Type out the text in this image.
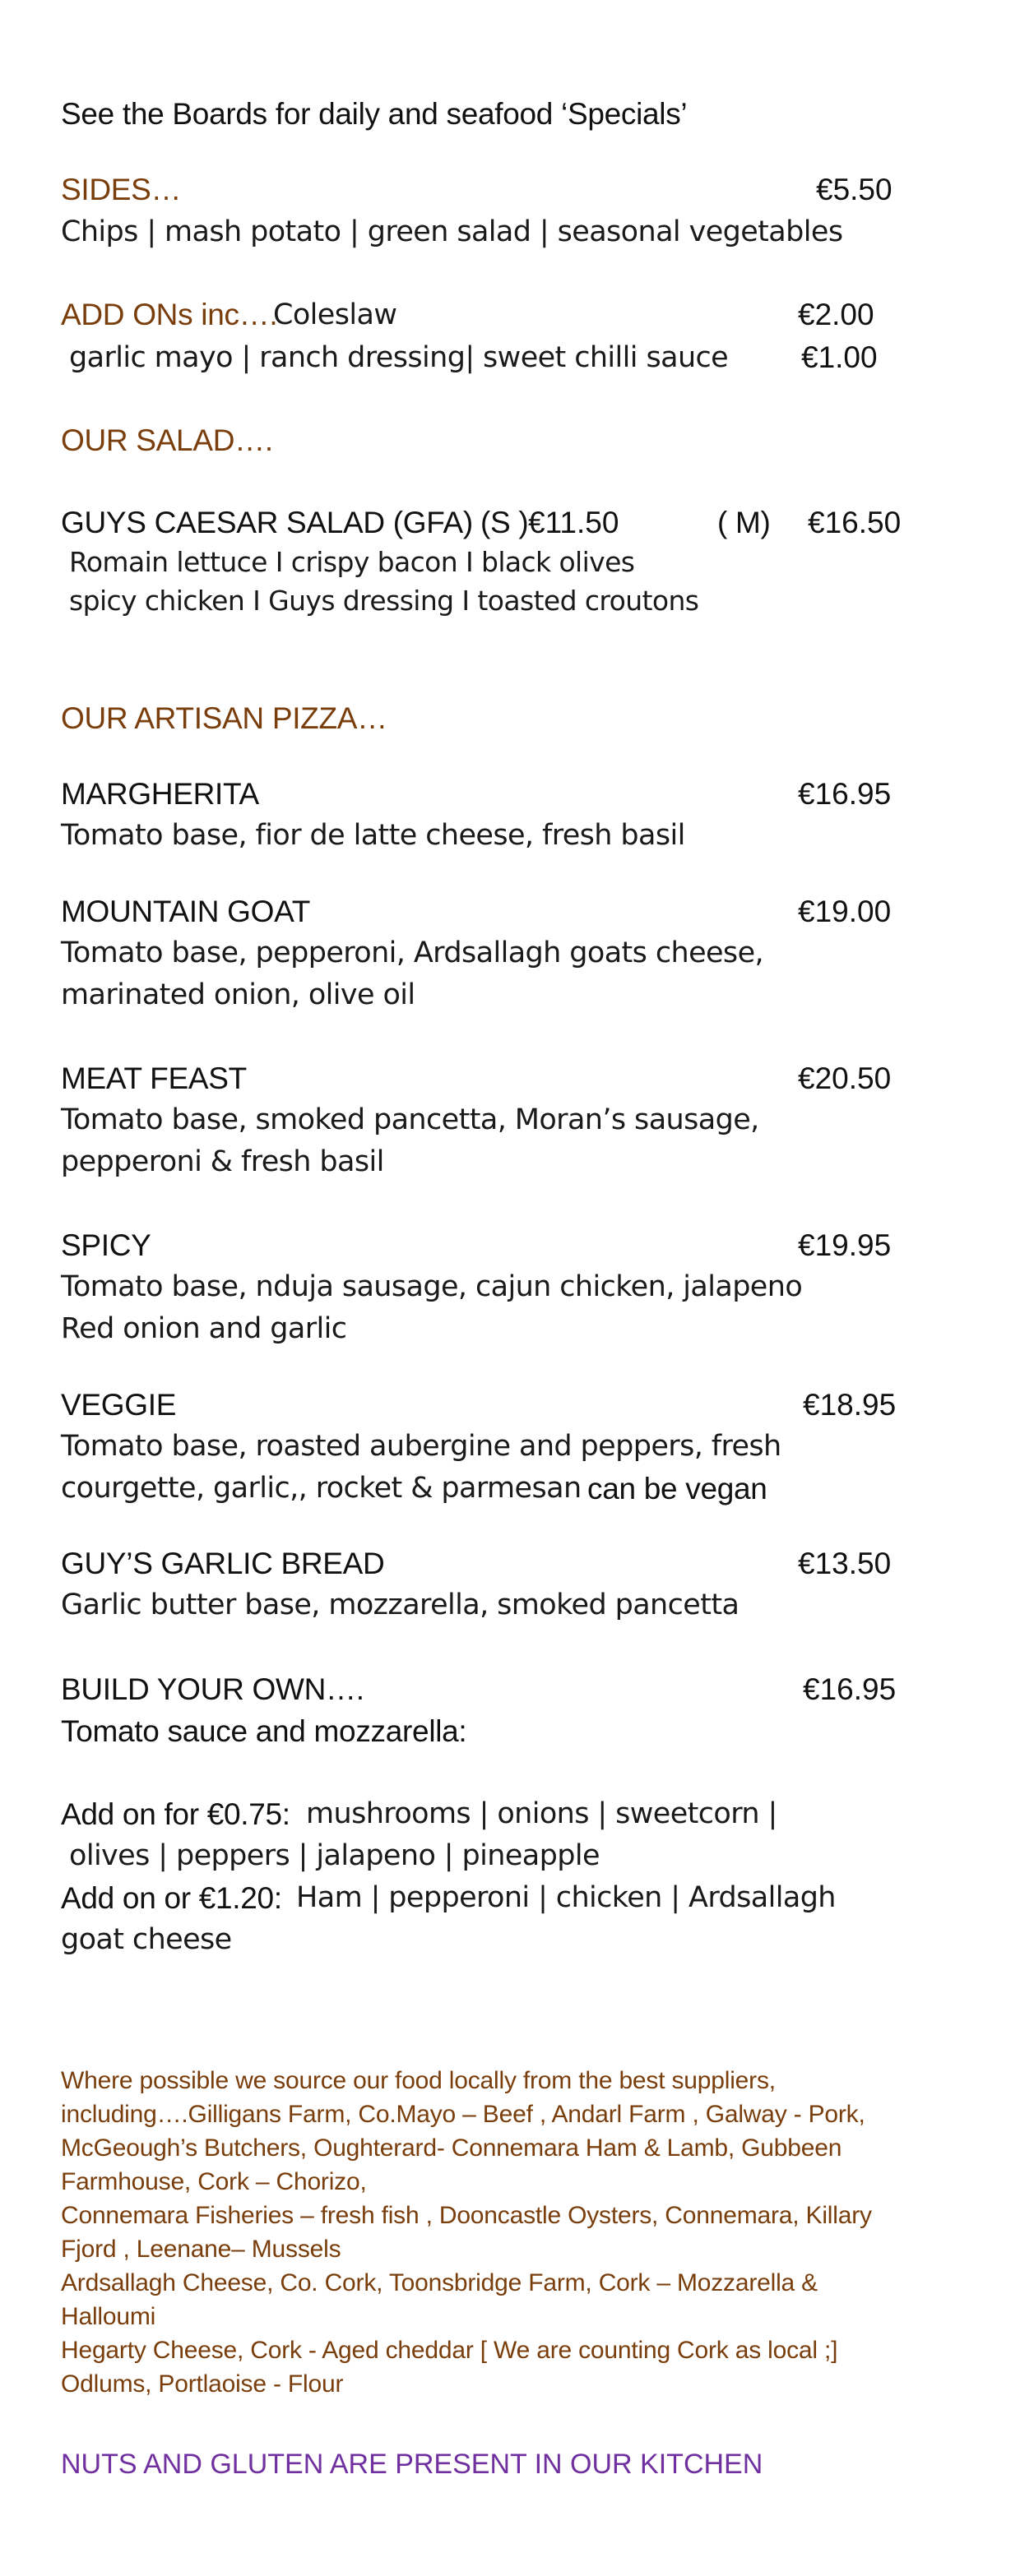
See the Boards for daily and seafood ‘Specials’
SIDES…	€5.50
Chips | mash potato | green salad | seasonal vegetables
ADD ONs inc….
Coleslaw	€2.00
garlic mayo | ranch dressing| sweet chilli sauce €1.00
OUR SALAD….
GUYS CAESAR SALAD (GFA) (S ) €11.50	( M) €16.50
Romain lettuce I crispy bacon I black olives
spicy chicken I Guys dressing I toasted croutons
OUR ARTISAN PIZZA…
MARGHERITA	€16.95
Tomato base, fior de latte cheese, fresh basil
MOUNTAIN GOAT	€19.00
Tomato base, pepperoni, Ardsallagh goats cheese,
marinated onion, olive oil
MEAT FEAST	€20.50
Tomato base, smoked pancetta, Moran’s sausage,
pepperoni & fresh basil
SPICY	€19.95
Tomato base, nduja sausage, cajun chicken, jalapeno
Red onion and garlic
VEGGIE	€18.95
Tomato base, roasted aubergine and peppers, fresh
courgette, garlic,, rocket & parmesan can be vegan
GUY’S GARLIC BREAD	€13.50
Garlic butter base, mozzarella, smoked pancetta
BUILD YOUR OWN….	€16.95
Tomato sauce and mozzarella:
Add on for €0.75: mushrooms | onions | sweetcorn |
olives | peppers | jalapeno | pineapple
Add on or €1.20: Ham | pepperoni | chicken | Ardsallagh
goat cheese
Where possible we source our food locally from the best suppliers,
including….Gilligans Farm, Co.Mayo – Beef , Andarl Farm , Galway - Pork,
McGeough’s Butchers, Oughterard- Connemara Ham & Lamb, Gubbeen
Farmhouse, Cork – Chorizo,
Connemara Fisheries – fresh fish , Dooncastle Oysters, Connemara, Killary
Fjord , Leenane– Mussels
Ardsallagh Cheese, Co. Cork, Toonsbridge Farm, Cork – Mozzarella &
Halloumi
Hegarty Cheese, Cork - Aged cheddar [ We are counting Cork as local ;]
Odlums, Portlaoise - Flour
NUTS AND GLUTEN ARE PRESENT IN OUR KITCHEN
